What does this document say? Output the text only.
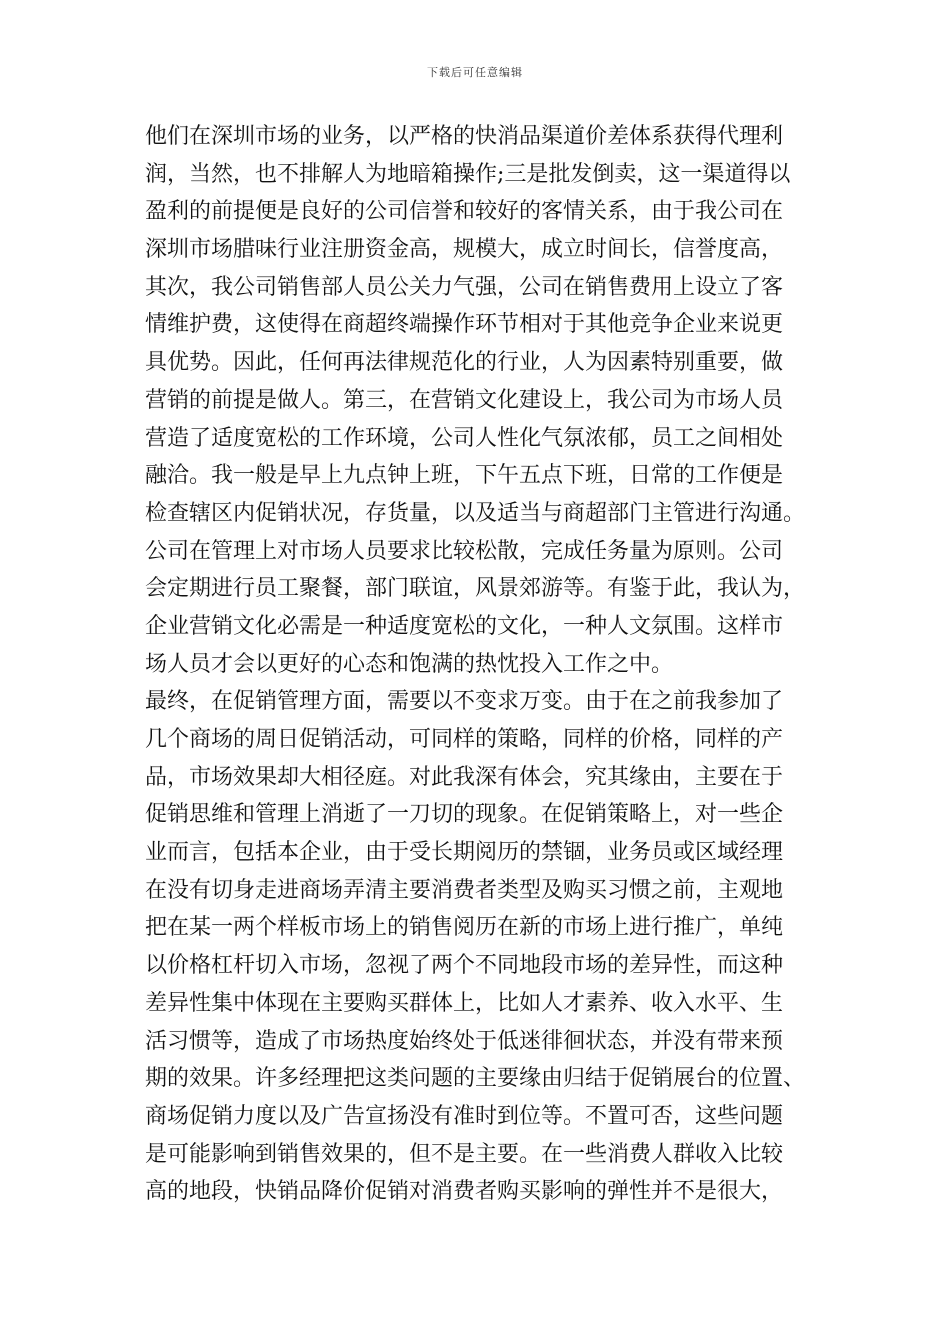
下载后可任意编辑
他们在深圳市场的业务，以严格的快消品渠道价差体系获得代理利
润，当然，也不排解人为地暗箱操作;三是批发倒卖，这一渠道得以
盈利的前提便是良好的公司信誉和较好的客情关系，由于我公司在
深圳市场腊味行业注册资金高，规模大，成立时间长，信誉度高，
其次，我公司销售部人员公关力气强，公司在销售费用上设立了客
情维护费，这使得在商超终端操作环节相对于其他竞争企业来说更
具优势。因此，任何再法律规范化的行业，人为因素特别重要，做
营销的前提是做人。第三，在营销文化建设上，我公司为市场人员
营造了适度宽松的工作环境，公司人性化气氛浓郁，员工之间相处
融洽。我一般是早上九点钟上班，下午五点下班，日常的工作便是
检查辖区内促销状况，存货量，以及适当与商超部门主管进行沟通。
公司在管理上对市场人员要求比较松散，完成任务量为原则。公司
会定期进行员工聚餐，部门联谊，风景郊游等。有鉴于此，我认为，
企业营销文化必需是一种适度宽松的文化，一种人文氛围。这样市
场人员才会以更好的心态和饱满的热忱投入工作之中。
最终，在促销管理方面，需要以不变求万变。由于在之前我参加了
几个商场的周日促销活动，可同样的策略，同样的价格，同样的产
品，市场效果却大相径庭。对此我深有体会，究其缘由，主要在于
促销思维和管理上消逝了一刀切的现象。在促销策略上，对一些企
业而言，包括本企业，由于受长期阅历的禁锢，业务员或区域经理
在没有切身走进商场弄清主要消费者类型及购买习惯之前，主观地
把在某一两个样板市场上的销售阅历在新的市场上进行推广，单纯
以价格杠杆切入市场，忽视了两个不同地段市场的差异性，而这种
差异性集中体现在主要购买群体上，比如人才素养、收入水平、生
活习惯等，造成了市场热度始终处于低迷徘徊状态，并没有带来预
期的效果。许多经理把这类问题的主要缘由归结于促销展台的位置、
商场促销力度以及广告宣扬没有准时到位等。不置可否，这些问题
是可能影响到销售效果的，但不是主要。在一些消费人群收入比较
高的地段，快销品降价促销对消费者购买影响的弹性并不是很大，
